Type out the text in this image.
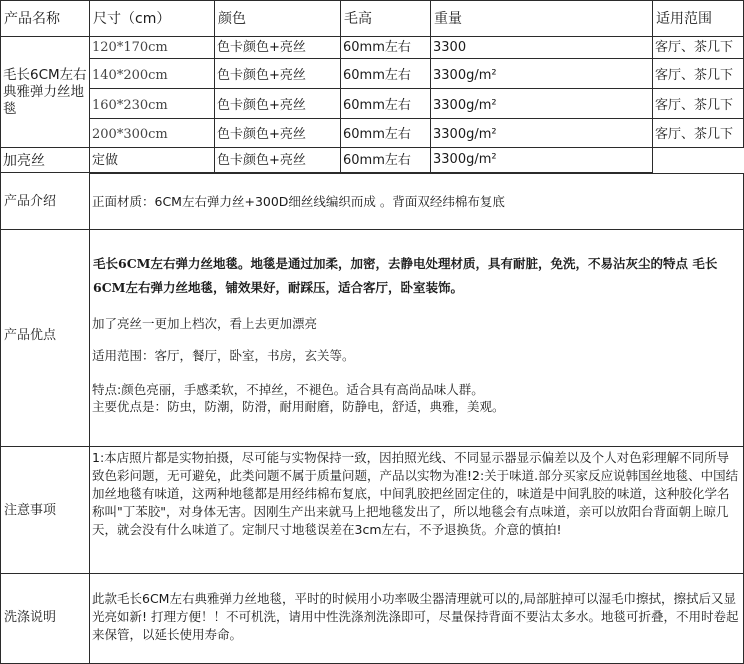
产品名称 尺寸（cm）	颜色	毛高	重量	适用范围
毛长6CM左右典雅弹力丝地毯
120*170cm	色卡颜色+亮丝	60mm左右 3300	客厅、茶几下
140*200cm	色卡颜色+亮丝	60mm左右 3300g/m²	客厅、茶几下
160*230cm	色卡颜色+亮丝	60mm左右 3300g/m²	客厅、茶几下
200*300cm	色卡颜色+亮丝	60mm左右 3300g/m²	客厅、茶几下
加亮丝	定做	色卡颜色+亮丝	60mm左右 3300g/m²
产品介绍	正面材质：6CM左右弹力丝+300D细丝线编织而成 。背面双经纬棉布复底
产品优点
毛长6CM左右弹力丝地毯。地毯是通过加柔，加密，去静电处理材质，具有耐脏，免洗，不易沾灰尘的特点 毛长6CM左右弹力丝地毯，铺效果好，耐踩压，适合客厅，卧室装饰。
加了亮丝一更加上档次，看上去更加漂亮
适用范围：客厅，餐厅，卧室，书房，玄关等。
特点:颜色亮丽，手感柔软，不掉丝，不褪色。适合具有高尚品味人群。
主要优点是：防虫，防潮，防滑，耐用耐磨，防静电，舒适，典雅，美观。
注意事项
1:本店照片都是实物拍摄，尽可能与实物保持一致，因拍照光线、不同显示器显示偏差以及个人对色彩理解不同所导致色彩问题，无可避免，此类问题不属于质量问题，产品以实物为准!2:关于味道.部分买家反应说韩国丝地毯、中国结加丝地毯有味道，这两种地毯都是用经纬棉布复底，中间乳胶把丝固定住的，味道是中间乳胶的味道，这种胶化学名称叫"丁苯胶"，对身体无害。因刚生产出来就马上把地毯发出了，所以地毯会有点味道，亲可以放阳台背面朝上晾几天，就会没有什么味道了。定制尺寸地毯误差在3cm左右，不予退换货。介意的慎拍!
洗涤说明
此款毛长6CM左右典雅弹力丝地毯，平时的时候用小功率吸尘器清理就可以的,局部脏掉可以湿毛巾擦拭，擦拭后又显光亮如新! 打理方便！！不可机洗，请用中性洗涤剂洗涤即可，尽量保持背面不要沾太多水。地毯可折叠，不用时卷起来保管，以延长使用寿命。
